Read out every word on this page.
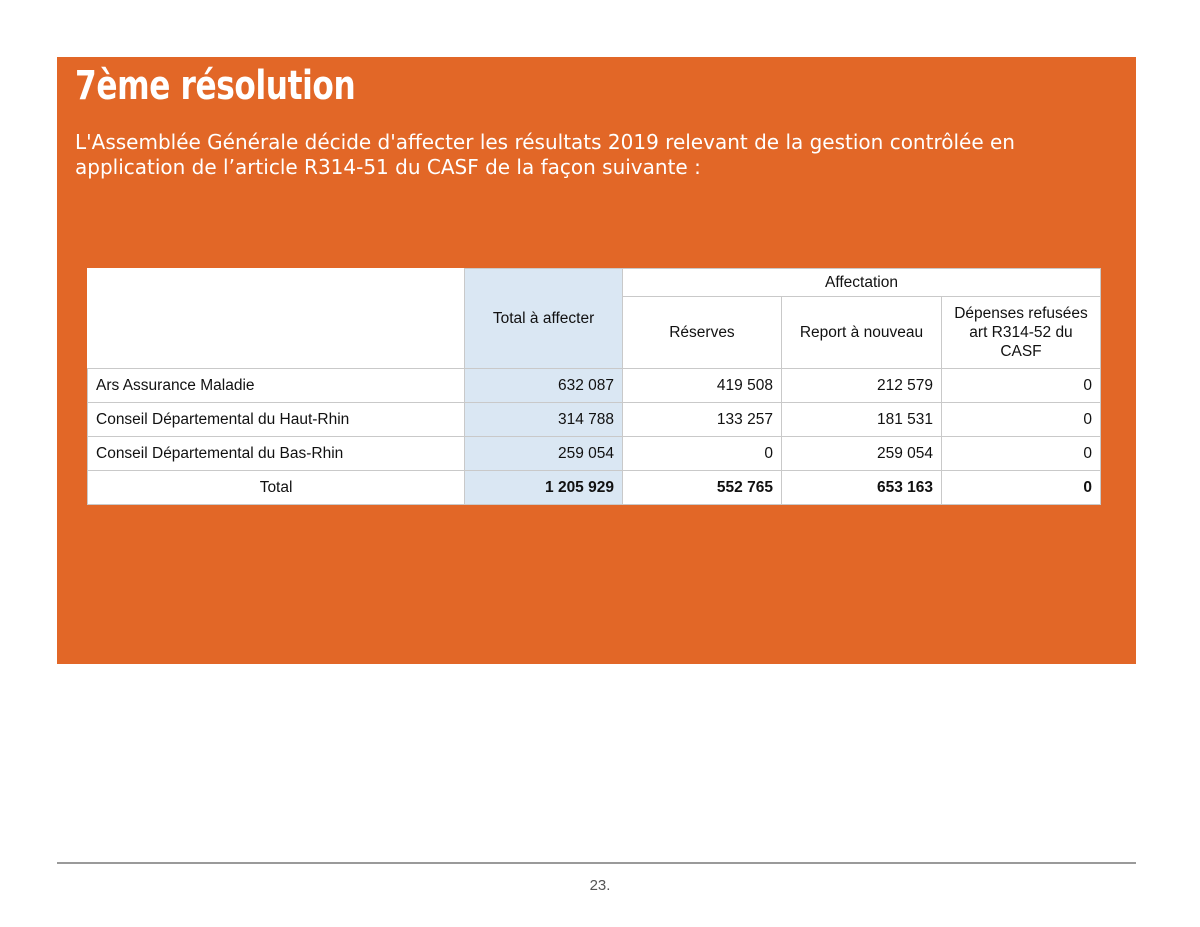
7ème résolution

L'Assemblée Générale décide d'affecter les résultats 2019 relevant de la gestion contrôlée en application de l’article R314-51 du CASF de la façon suivante :

	Total à affecter	Affectation		
		Réserves	Report à nouveau	Dépenses refusées art R314-52 du CASF
Ars Assurance Maladie	632 087	419 508	212 579	0
Conseil Départemental du Haut-Rhin	314 788	133 257	181 531	0
Conseil Départemental du Bas-Rhin	259 054	0	259 054	0
Total	1 205 929	552 765	653 163	0
23.
